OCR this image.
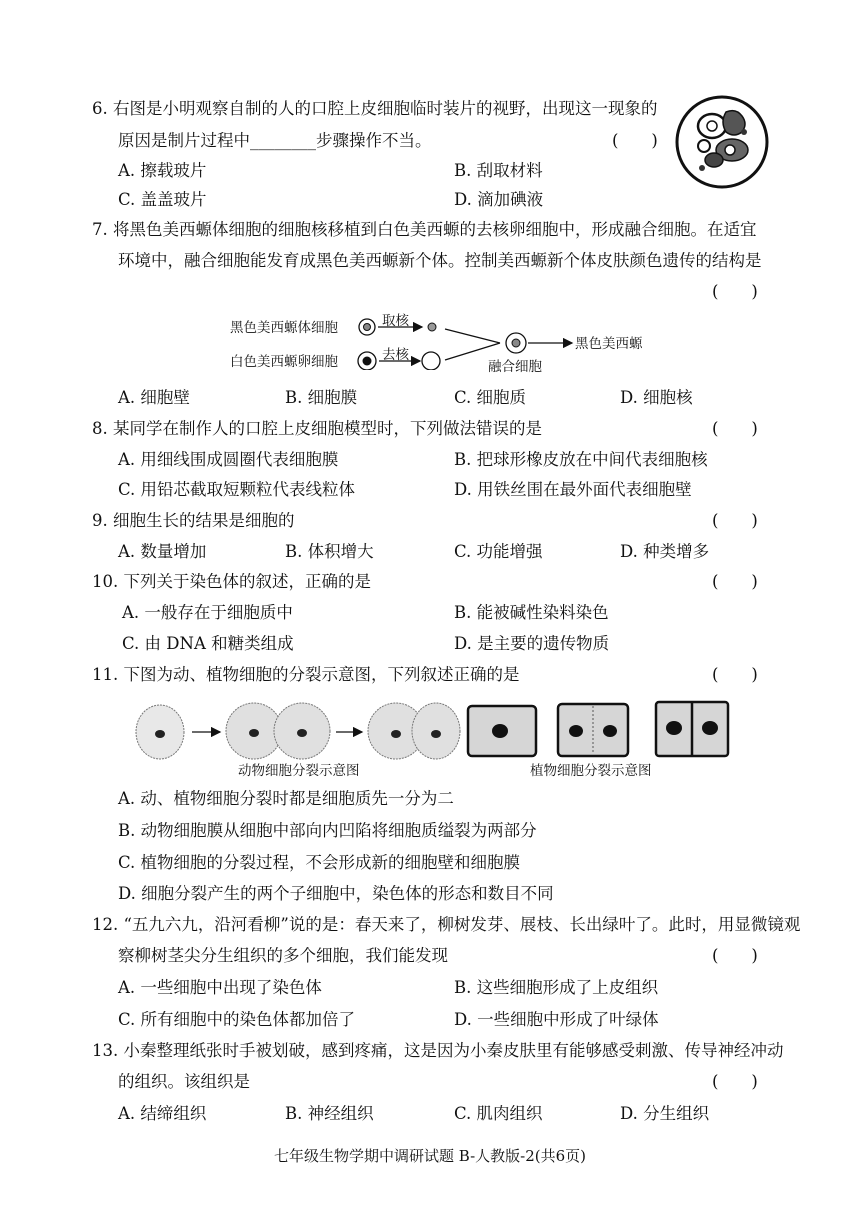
6. 右图是小明观察自制的人的口腔上皮细胞临时装片的视野，出现这一现象的
原因是制片过程中________步骤操作不当。	(　　)
A. 擦载玻片	B. 刮取材料
C. 盖盖玻片	D. 滴加碘液
7. 将黑色美西螈体细胞的细胞核移植到白色美西螈的去核卵细胞中，形成融合细胞。在适宜
环境中，融合细胞能发育成黑色美西螈新个体。控制美西螈新个体皮肤颜色遗传的结构是
(　　)
黑色美西螈体细胞
白色美西螈卵细胞
取核
去核
融合细胞
黑色美西螈
A. 细胞壁	B. 细胞膜	C. 细胞质	D. 细胞核
8. 某同学在制作人的口腔上皮细胞模型时，下列做法错误的是	(　　)
A. 用细线围成圆圈代表细胞膜	B. 把球形橡皮放在中间代表细胞核
C. 用铅芯截取短颗粒代表线粒体	D. 用铁丝围在最外面代表细胞壁
9. 细胞生长的结果是细胞的	(　　)
A. 数量增加	B. 体积增大	C. 功能增强	D. 种类增多
10. 下列关于染色体的叙述，正确的是	(　　)
A. 一般存在于细胞质中	B. 能被碱性染料染色
C. 由 DNA 和糖类组成	D. 是主要的遗传物质
11. 下图为动、植物细胞的分裂示意图，下列叙述正确的是	(　　)
动物细胞分裂示意图	植物细胞分裂示意图
A. 动、植物细胞分裂时都是细胞质先一分为二
B. 动物细胞膜从细胞中部向内凹陷将细胞质缢裂为两部分
C. 植物细胞的分裂过程，不会形成新的细胞壁和细胞膜
D. 细胞分裂产生的两个子细胞中，染色体的形态和数目不同
12. “五九六九，沿河看柳”说的是：春天来了，柳树发芽、展枝、长出绿叶了。此时，用显微镜观
察柳树茎尖分生组织的多个细胞，我们能发现	(　　)
A. 一些细胞中出现了染色体	B. 这些细胞形成了上皮组织
C. 所有细胞中的染色体都加倍了	D. 一些细胞中形成了叶绿体
13. 小秦整理纸张时手被划破，感到疼痛，这是因为小秦皮肤里有能够感受刺激、传导神经冲动
的组织。该组织是	(　　)
A. 结缔组织	B. 神经组织	C. 肌肉组织	D. 分生组织
七年级生物学期中调研试题 B-人教版-2(共6页)
